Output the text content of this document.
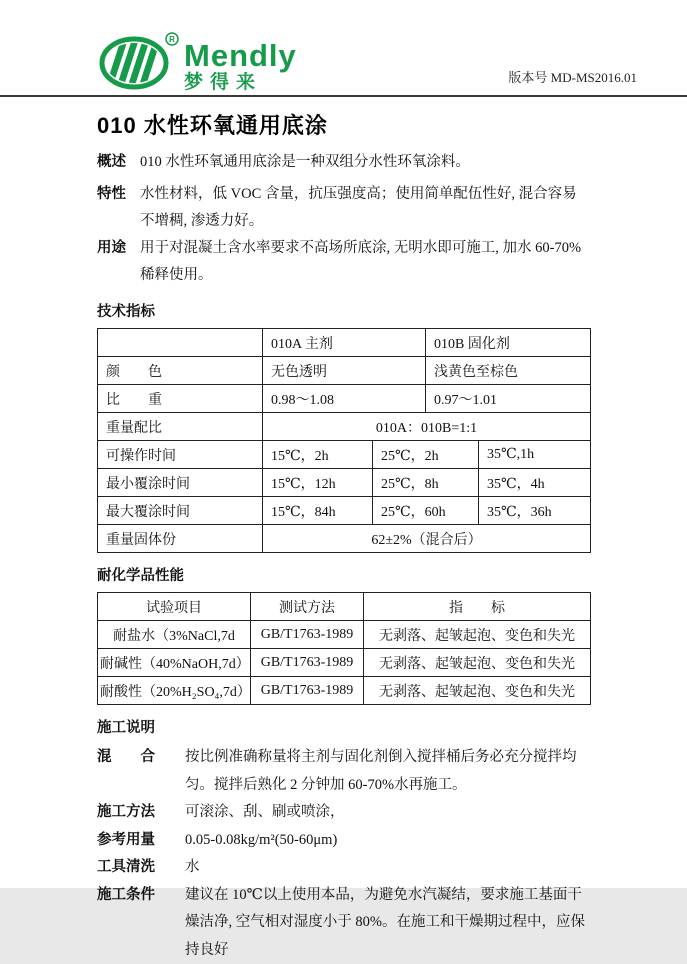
R Mendly
梦得来	版本号 MD-MS2016.01
010 水性环氧通用底涂
概述 010 水性环氧通用底涂是一种双组分水性环氧涂料。
特性 水性材料，低 VOC 含量，抗压强度高；使用简单配伍性好, 混合容易不增稠, 渗透力好。
用途 用于对混凝土含水率要求不高场所底涂, 无明水即可施工, 加水 60-70%稀释使用。
技术指标
	010A 主剂		010B 固化剂	
颜　　色	无色透明		浅黄色至棕色	
比　　重	0.98～1.08		0.97～1.01	
重量配比	010A：010B=1:1			
可操作时间	15℃，2h	25℃，2h		35℃,1h
最小覆涂时间	15℃，12h	25℃，8h		35℃，4h
最大覆涂时间	15℃，84h	25℃，60h		35℃，36h
重量固体份	62±2%（混合后）			
耐化学品性能
试验项目	测试方法	指　　标
耐盐水（3%NaCl,7d	GB/T1763-1989	无剥落、起皱起泡、变色和失光
耐碱性（40%NaOH,7d）	GB/T1763-1989	无剥落、起皱起泡、变色和失光
耐酸性（20%H₂SO₄,7d）	GB/T1763-1989	无剥落、起皱起泡、变色和失光
施工说明
混　　合	按比例准确称量将主剂与固化剂倒入搅拌桶后务必充分搅拌均匀。搅拌后熟化 2 分钟加 60-70%水再施工。
施工方法	可滚涂、刮、刷或喷涂，
参考用量	0.05-0.08kg/m²(50-60μm)
工具清洗	水
施工条件	建议在 10℃以上使用本品，为避免水汽凝结，要求施工基面干燥洁净, 空气相对湿度小于 80%。在施工和干燥期过程中，应保持良好
